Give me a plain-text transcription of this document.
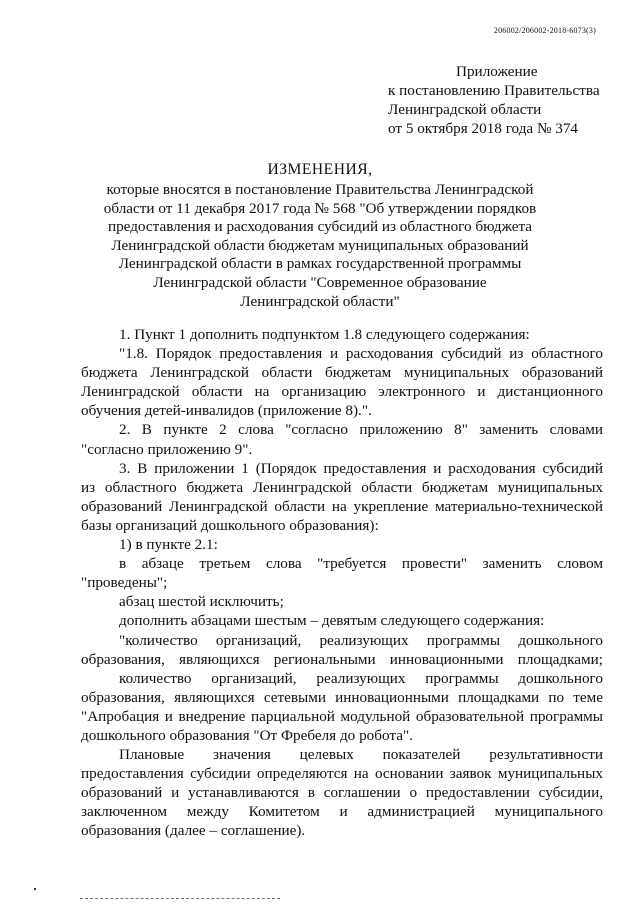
206002/206002-2018-6073(3)
Приложение
к постановлению Правительства
Ленинградской области
от 5 октября 2018 года № 374
ИЗМЕНЕНИЯ,
которые вносятся в постановление Правительства Ленинградской
области от 11 декабря 2017 года № 568 "Об утверждении порядков
предоставления и расходования субсидий из областного бюджета
Ленинградской области бюджетам муниципальных образований
Ленинградской области в рамках государственной программы
Ленинградской области "Современное образование
Ленинградской области"
1. Пункт 1 дополнить подпунктом 1.8 следующего содержания:
"1.8. Порядок предоставления и расходования субсидий из областного
бюджета Ленинградской области бюджетам муниципальных образований
Ленинградской области на организацию электронного и дистанционного
обучения детей-инвалидов (приложение 8).".
2. В пункте 2 слова "согласно приложению 8" заменить словами
"согласно приложению 9".
3. В приложении 1 (Порядок предоставления и расходования субсидий
из областного бюджета Ленинградской области бюджетам муниципальных
образований Ленинградской области на укрепление материально-технической
базы организаций дошкольного образования):
1) в пункте 2.1:
в абзаце третьем слова "требуется провести" заменить словом
"проведены";
абзац шестой исключить;
дополнить абзацами шестым – девятым следующего содержания:
"количество организаций, реализующих программы дошкольного
образования, являющихся региональными инновационными площадками;
количество организаций, реализующих программы дошкольного
образования, являющихся сетевыми инновационными площадками по теме
"Апробация и внедрение парциальной модульной образовательной программы
дошкольного образования "От Фребеля до робота".
Плановые значения целевых показателей результативности
предоставления субсидии определяются на основании заявок муниципальных
образований и устанавливаются в соглашении о предоставлении субсидии,
заключенном между Комитетом и администрацией муниципального
образования (далее – соглашение).
